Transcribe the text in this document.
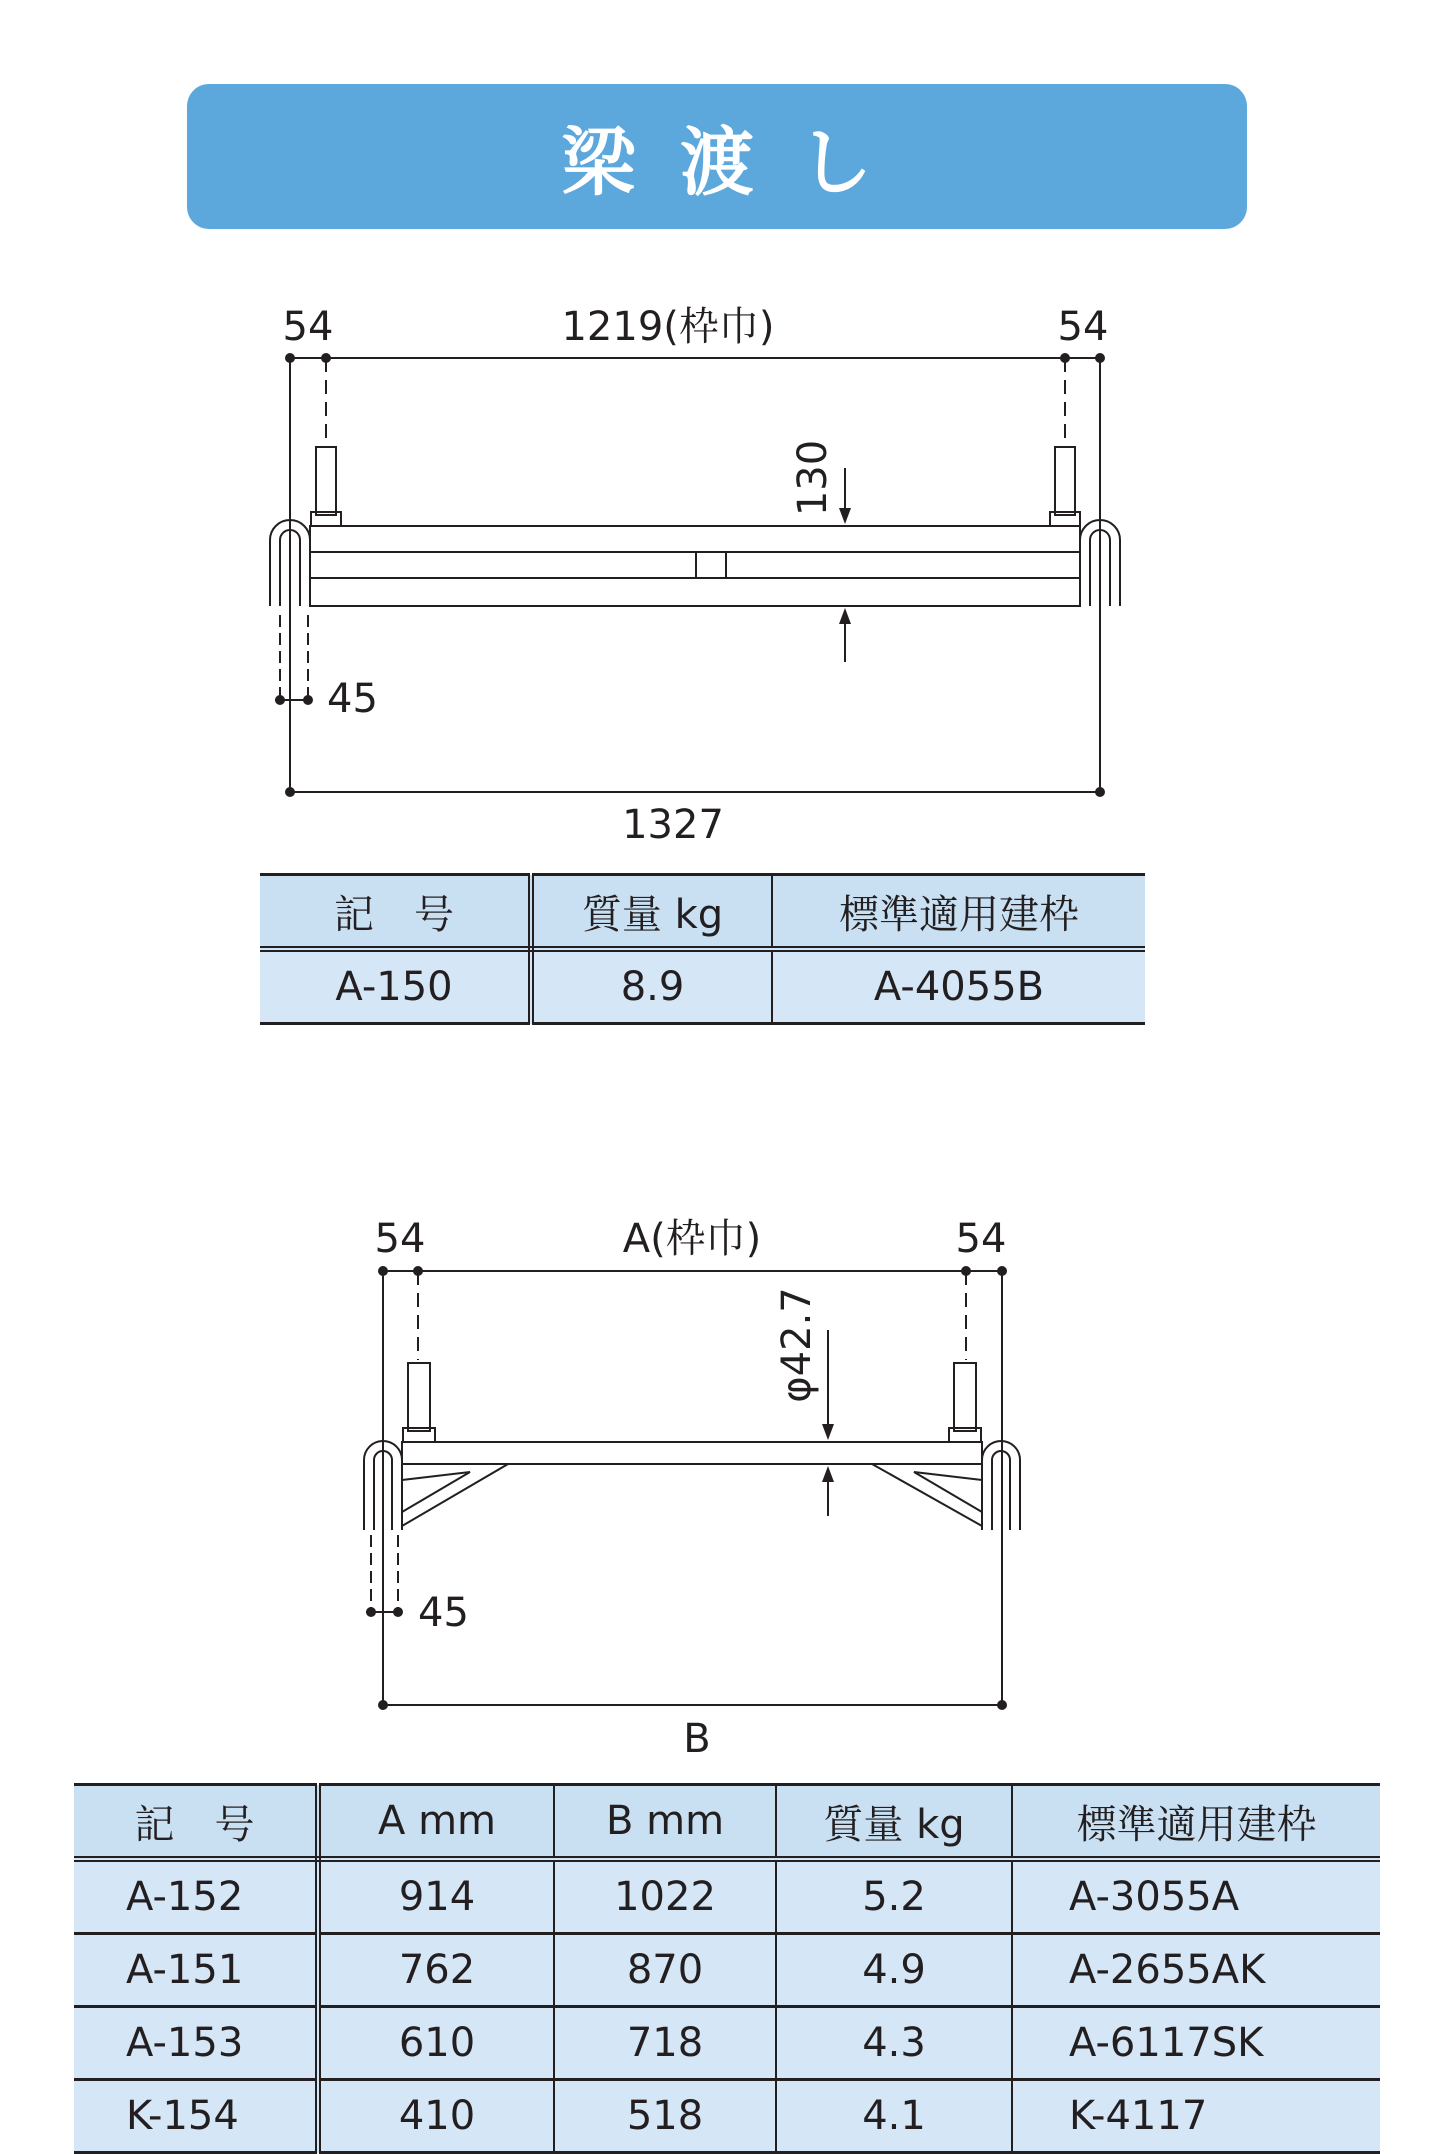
梁渡し
54	1219(枠巾)	54
130
45
1327
記　号	質量 kg	標準適用建枠
A-150	8.9	A-4055B
54	A(枠巾)	54
φ42.7
45
B
記　号	A mm	B mm	質量 kg	標準適用建枠
A-152	914	1022	5.2	A-3055A
A-151	762	870	4.9	A-2655AK
A-153	610	718	4.3	A-6117SK
K-154	410	518	4.1	K-4117
